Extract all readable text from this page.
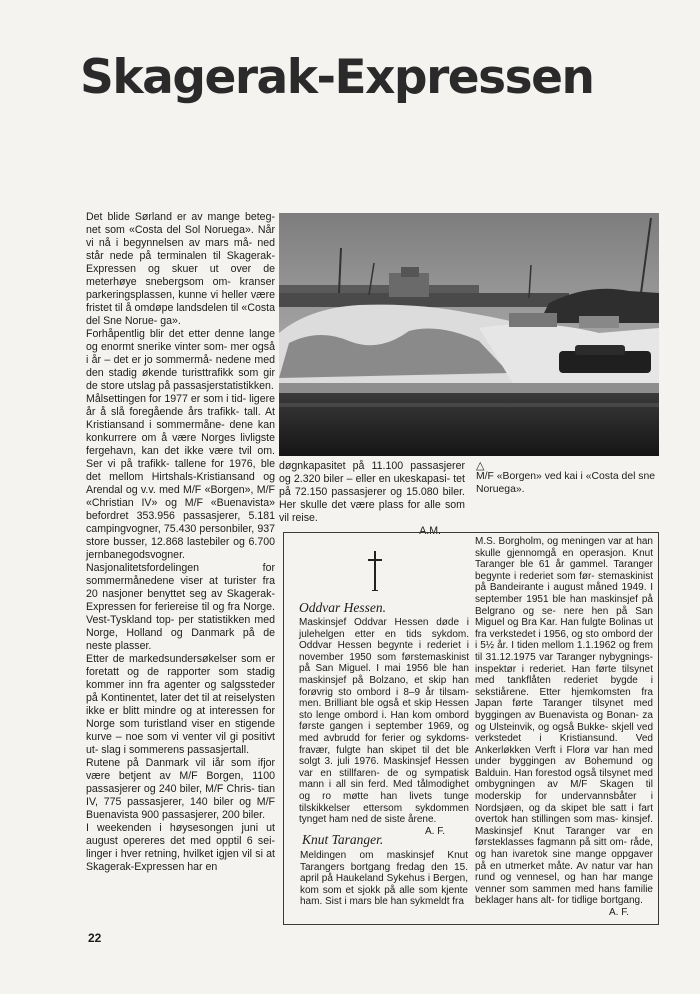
Skagerak-Expressen

Det blide Sørland er av mange beteg- net som «Costa del Sol Noruega». Når vi nå i begynnelsen av mars må- ned står nede på terminalen til Skagerak-Expressen og skuer ut over de meterhøye snebergsom om- kranser parkeringsplassen, kunne vi heller være fristet til å omdøpe landsdelen til «Costa del Sne Norue- ga».

Forhåpentlig blir det etter denne lange og enormt snerike vinter som- mer også i år – det er jo sommermå- nedene med den stadig økende turisttrafikk som gir de store utslag på passasjerstatistikken.

Målsettingen for 1977 er som i tid- ligere år å slå foregående års trafikk- tall. At Kristiansand i sommermåne- dene kan konkurrere om å være Norges livligste fergehavn, kan det ikke være tvil om. Ser vi på trafikk- tallene for 1976, ble det mellom Hirtshals-Kristiansand og Arendal og v.v. med M/F «Borgen», M/F «Christian IV» og M/F «Buenavista» befordret 353.956 passasjerer, 5.181 campingvogner, 75.430 personbiler, 937 store busser, 12.868 lastebiler og 6.700 jernbanegodsvogner.

Nasjonalitetsfordelingen for sommermånedene viser at turister fra 20 nasjoner benyttet seg av Skagerak-Expressen for feriereise til og fra Norge. Vest-Tyskland top- per statistikken med Norge, Holland og Danmark på de neste plasser.

Etter de markedsundersøkelser som er foretatt og de rapporter som stadig kommer inn fra agenter og salgssteder på Kontinentet, later det til at reiselysten ikke er blitt mindre og at interessen for Norge som turistland viser en stigende kurve – noe som vi venter vil gi positivt ut- slag i sommerens passasjertall.

Rutene på Danmark vil iår som ifjor være betjent av M/F Borgen, 1100 passasjerer og 240 biler, M/F Chris- tian IV, 775 passasjerer, 140 biler og M/F Buenavista 900 passasjerer, 200 biler.

I weekenden i høysesongen juni ut august opereres det med opptil 6 sei- linger i hver retning, hvilket igjen vil si at Skagerak-Expressen har en

døgnkapasitet på 11.100 passasjerer og 2.320 biler – eller en ukeskapasi- tet på 72.150 passasjerer og 15.080 biler. Her skulle det være plass for alle som vil reise.

A.M.

△
M/F «Borgen» ved kai i «Costa del sne Noruega».
Oddvar Hessen.

Maskinsjef Oddvar Hessen døde i julehelgen etter en tids sykdom. Oddvar Hessen begynte i rederiet i november 1950 som førstemaskinist på San Miguel. I mai 1956 ble han maskinsjef på Bolzano, et skip han forøvrig sto ombord i 8–9 år tilsam- men. Brilliant ble også et skip Hessen sto lenge ombord i. Han kom ombord første gangen i september 1969, og med avbrudd for ferier og sykdoms- fravær, fulgte han skipet til det ble solgt 3. juli 1976. Maskinsjef Hessen var en stillfaren- de og sympatisk mann i all sin ferd. Med tålmodighet og ro møtte han livets tunge tilskikkelser ettersom sykdommen tynget ham ned de siste årene.

A. F.

Knut Taranger.

Meldingen om maskinsjef Knut Tarangers bortgang fredag den 15. april på Haukeland Sykehus i Bergen, kom som et sjokk på alle som kjente ham. Sist i mars ble han sykmeldt fra

M.S. Borgholm, og meningen var at han skulle gjennomgå en operasjon. Knut Taranger ble 61 år gammel. Taranger begynte i rederiet som før- stemaskinist på Bandeirante i august måned 1949. I september 1951 ble han maskinsjef på Belgrano og se- nere hen på San Miguel og Bra Kar. Han fulgte Bolinas ut fra verkstedet i 1956, og sto ombord der i 5½ år. I tiden mellom 1.1.1962 og frem til 31.12.1975 var Taranger nybygnings- inspektør i rederiet. Han førte tilsynet med tankflåten rederiet bygde i sekstiårene. Etter hjemkomsten fra Japan førte Taranger tilsynet med byggingen av Buenavista og Bonan- za og Ulsteinvik, og også Bukke- skjell ved verkstedet i Kristiansund. Ved Ankerløkken Verft i Florø var han med under byggingen av Bohemund og Balduin. Han forestod også tilsynet med ombygningen av M/F Skagen til moderskip for undervannsbåter i Nordsjøen, og da skipet ble satt i fart overtok han stillingen som mas- kinsjef. Maskinsjef Knut Taranger var en førsteklasses fagmann på sitt om- råde, og han ivaretok sine mange oppgaver på en utmerket måte. Av natur var han rund og vennesel, og han har mange venner som sammen med hans familie beklager hans alt- for tidlige bortgang.

A. F.

22
